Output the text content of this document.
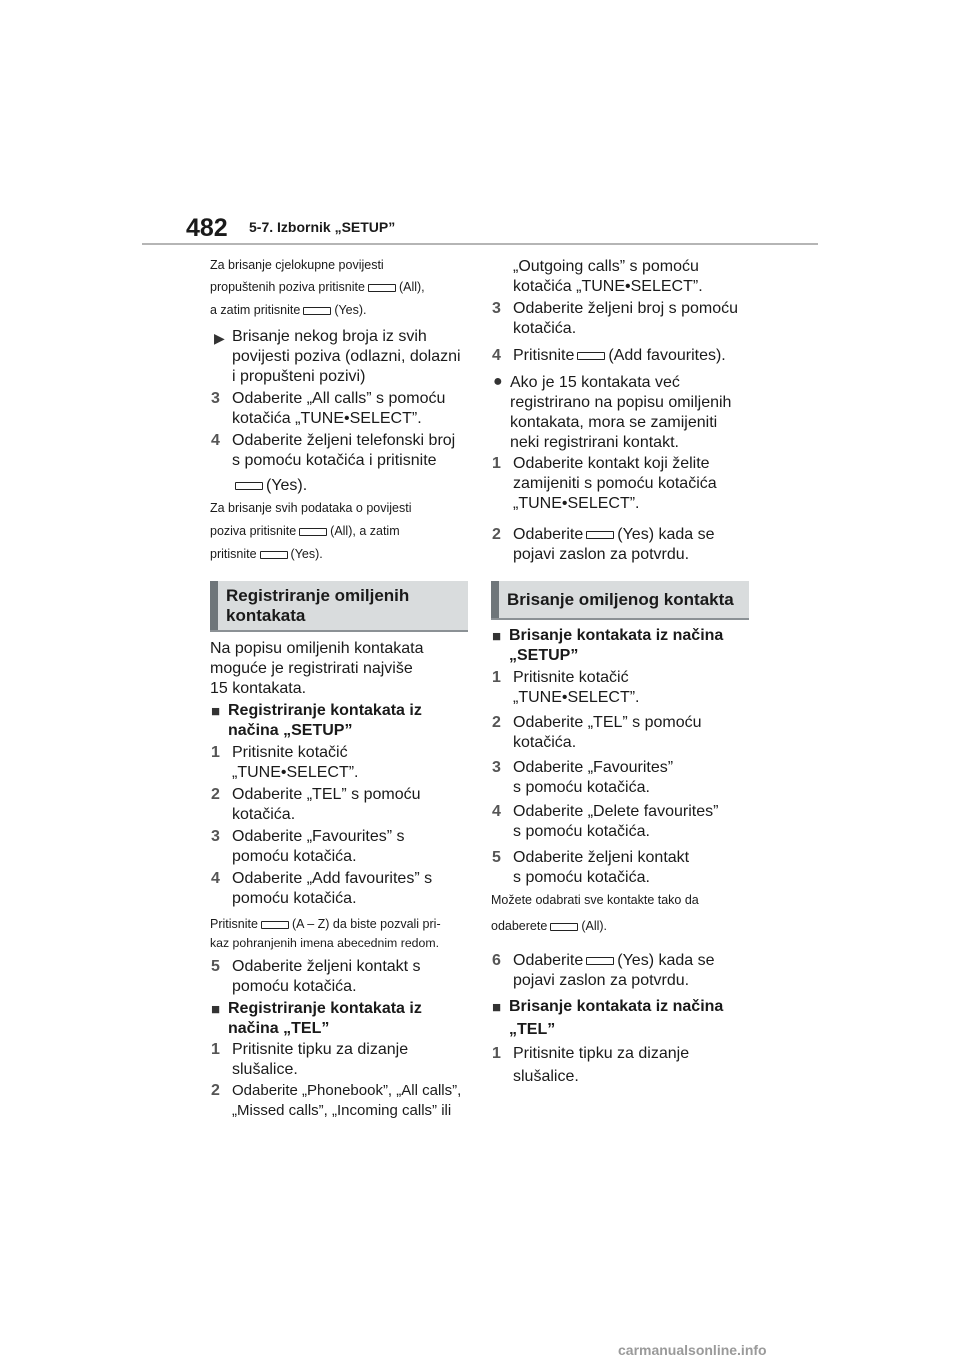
482 5-7. Izbornik „SETUP”
Za brisanje cjelokupne povijesti
propuštenih poziva pritisnite	(All),
a zatim pritisnite	(Yes).
▶ Brisanje nekog broja iz svih
povijesti poziva (odlazni, dolazni
i propušteni pozivi)
3 Odaberite „All calls” s pomoću
kotačića „TUNE•SELECT”.
4 Odaberite željeni telefonski broj
s pomoću kotačića i pritisnite
(Yes).
Za brisanje svih podataka o povijesti
poziva pritisnite	(All), a zatim
pritisnite	(Yes).
Registriranje omiljenih
kontakata
Na popisu omiljenih kontakata
moguće je registrirati najviše
15 kontakata.
■ Registriranje kontakata iz
načina „SETUP”
1 Pritisnite kotačić
„TUNE•SELECT”.
2 Odaberite „TEL” s pomoću
kotačića.
3 Odaberite „Favourites” s
pomoću kotačića.
4 Odaberite „Add favourites” s
pomoću kotačića.
Pritisnite	(A – Z) da biste pozvali pri-
kaz pohranjenih imena abecednim redom.
5 Odaberite željeni kontakt s
pomoću kotačića.
■ Registriranje kontakata iz
načina „TEL”
1 Pritisnite tipku za dizanje
slušalice.
2 Odaberite „Phonebook”, „All calls”,
„Missed calls”, „Incoming calls” ili
„Outgoing calls” s pomoću
kotačića „TUNE•SELECT”.
3 Odaberite željeni broj s pomoću
kotačića.
4 Pritisnite (Add favourites).
● Ako je 15 kontakata već
registrirano na popisu omiljenih
kontakata, mora se zamijeniti
neki registrirani kontakt.
1 Odaberite kontakt koji želite
zamijeniti s pomoću kotačića
„TUNE•SELECT”.
2 Odaberite (Yes) kada se
pojavi zaslon za potvrdu.
Brisanje omiljenog kontakta
■ Brisanje kontakata iz načina
„SETUP”
1 Pritisnite kotačić
„TUNE•SELECT”.
2 Odaberite „TEL” s pomoću
kotačića.
3 Odaberite „Favourites”
s pomoću kotačića.
4 Odaberite „Delete favourites”
s pomoću kotačića.
5 Odaberite željeni kontakt
s pomoću kotačića.
Možete odabrati sve kontakte tako da
odaberete	(All).
6 Odaberite (Yes) kada se
pojavi zaslon za potvrdu.
■ Brisanje kontakata iz načina
„TEL”
1 Pritisnite tipku za dizanje
slušalice.
carmanualsonline.info
